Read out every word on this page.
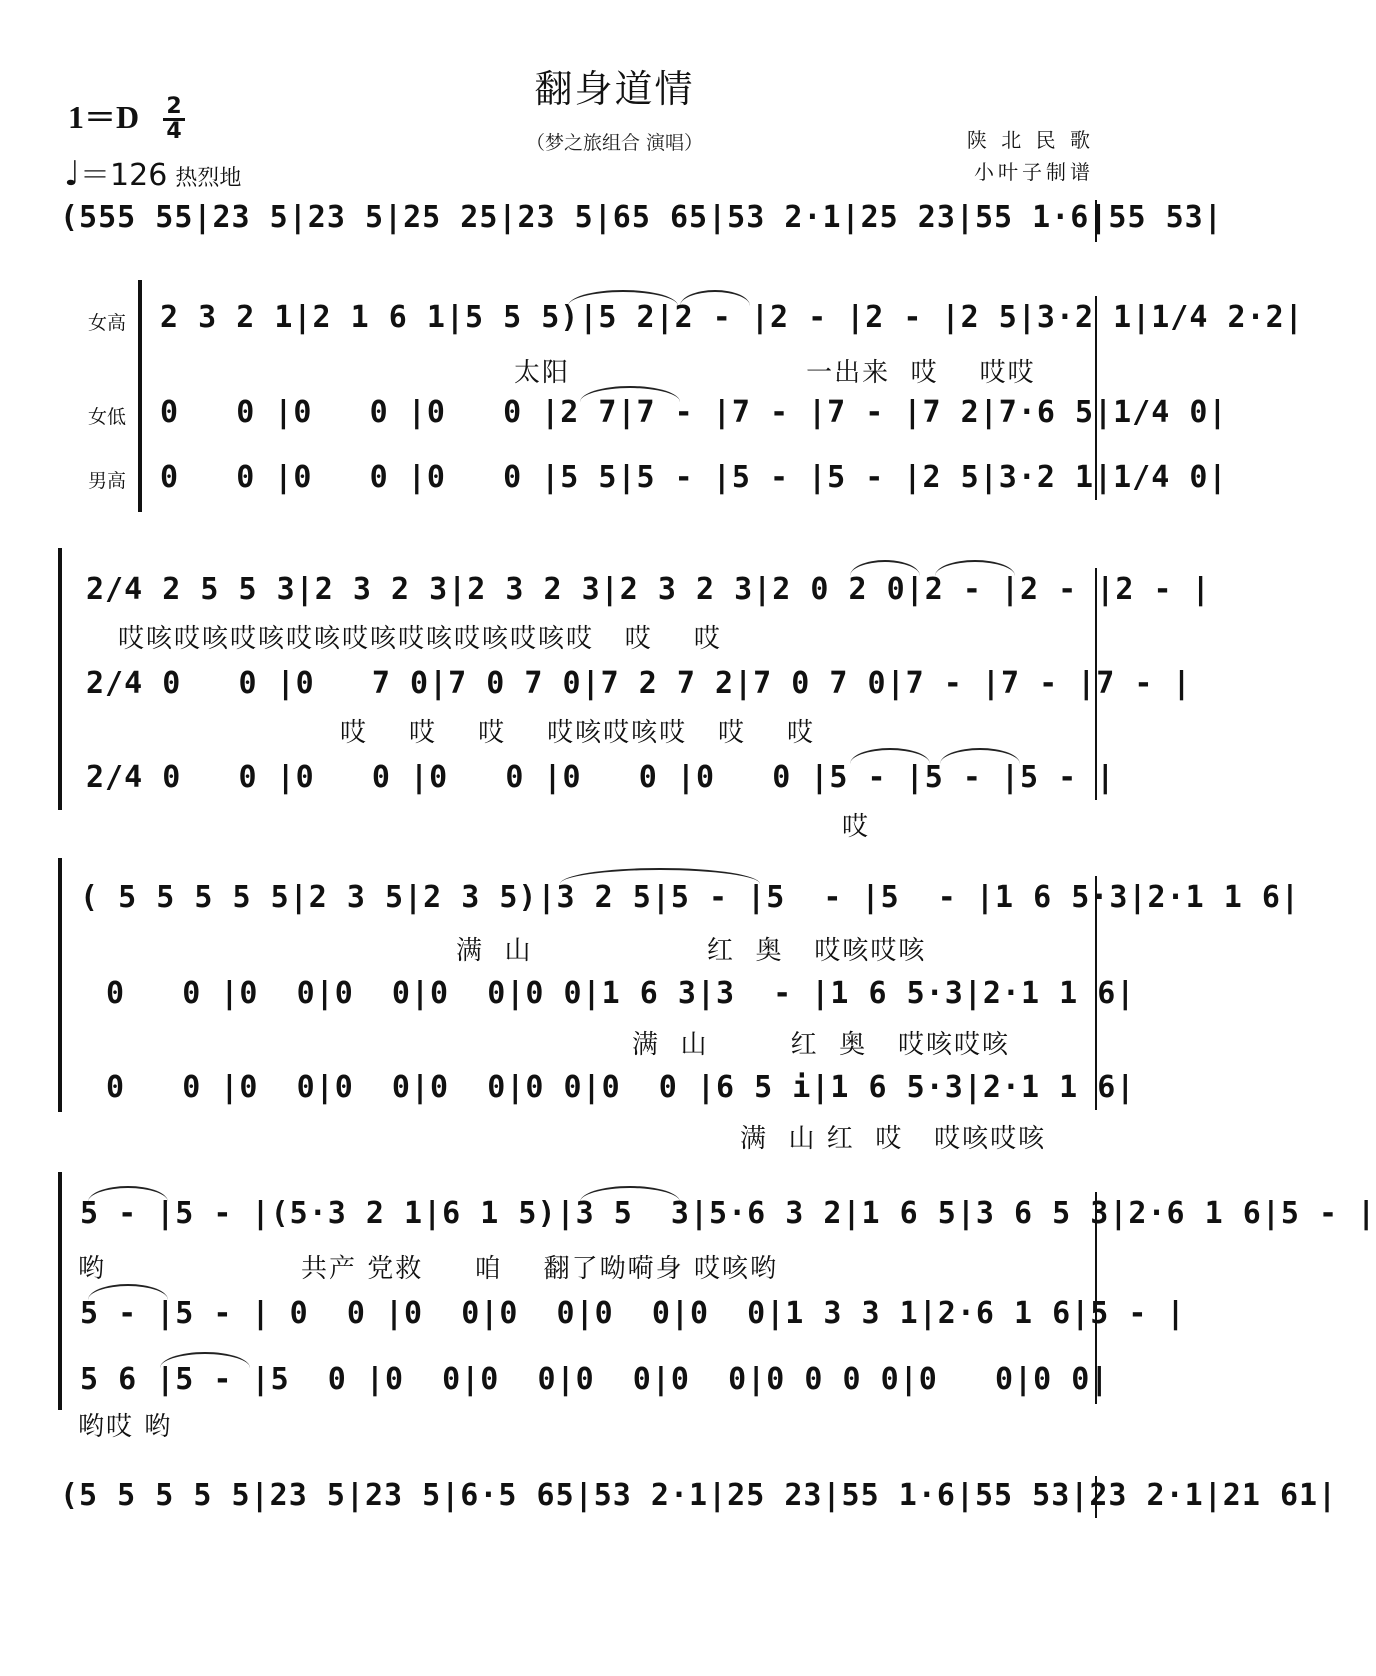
翻身道情
（梦之旅组合 演唱）
1＝D 2
4
♩＝126 热烈地
陕 北 民 歌
小叶子制谱
(555 55|23 5|23 5|25 25|23 5|65 65|53 2·1|25 23|55 1·6|55 53|
女高
女低
男高
2 3 2 1|2 1 6 1|5 5 5)|5 2|2 - |2 - |2 - |2 5|3·2 1|1/4 2·2|
太阳                       一出来  哎    哎哎
0   0 |0   0 |0   0 |2 7|7 - |7 - |7 - |7 2|7·6 5|1/4 0|
0   0 |0   0 |0   0 |5 5|5 - |5 - |5 - |2 5|3·2 1|1/4 0|
2/4 2 5 5 3|2 3 2 3|2 3 2 3|2 3 2 3|2 0 2 0|2 - |2 - |2 - |
哎咳哎咳哎咳哎咳哎咳哎咳哎咳哎咳哎   哎    哎
2/4 0   0 |0   7 0|7 0 7 0|7 2 7 2|7 0 7 0|7 - |7 - |7 - |
哎    哎    哎    哎咳哎咳哎   哎    哎
2/4 0   0 |0   0 |0   0 |0   0 |0   0 |5 - |5 - |5 - |
哎
( 5 5 5 5 5|2 3 5|2 3 5)|3 2 5|5 - |5  - |5  - |1 6 5·3|2·1 1 6|
满  山                 红  奥   哎咳哎咳
0   0 |0  0|0  0|0  0|0 0|1 6 3|3  - |1 6 5·3|2·1 1 6|
满  山        红  奥   哎咳哎咳
0   0 |0  0|0  0|0  0|0 0|0  0 |6 5 i|1 6 5·3|2·1 1 6|
满  山 红  哎   哎咳哎咳
5 - |5 - |(5·3 2 1|6 1 5)|3 5  3|5·6 3 2|1 6 5|3 6 5 3|2·6 1 6|5 - |
哟                   共产 党救     咱    翻了呦嗬身 哎咳哟
5 - |5 - | 0  0 |0  0|0  0|0  0|0  0|1 3 3 1|2·6 1 6|5 - |
5 6 |5 - |5  0 |0  0|0  0|0  0|0  0|0 0 0 0|0   0|0 0|
哟哎 哟
(5 5 5 5 5|23 5|23 5|6·5 65|53 2·1|25 23|55 1·6|55 53|23 2·1|21 61|
